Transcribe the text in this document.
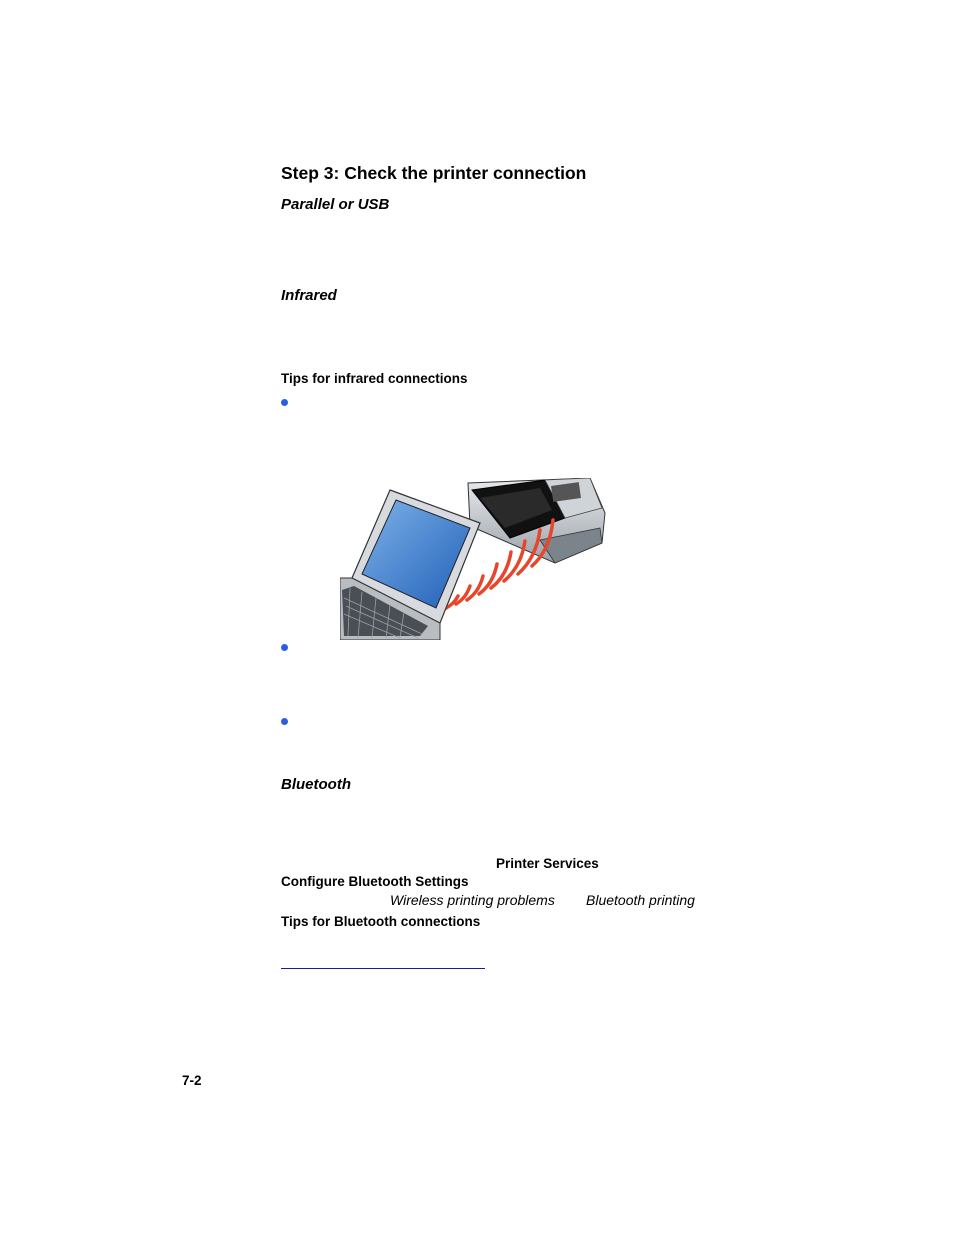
Step 3: Check the printer connection
Parallel or USB
Infrared
Tips for infrared connections
Bluetooth
Printer Services
Configure Bluetooth Settings
Wireless printing problems Bluetooth printing
Tips for Bluetooth connections
7-2
